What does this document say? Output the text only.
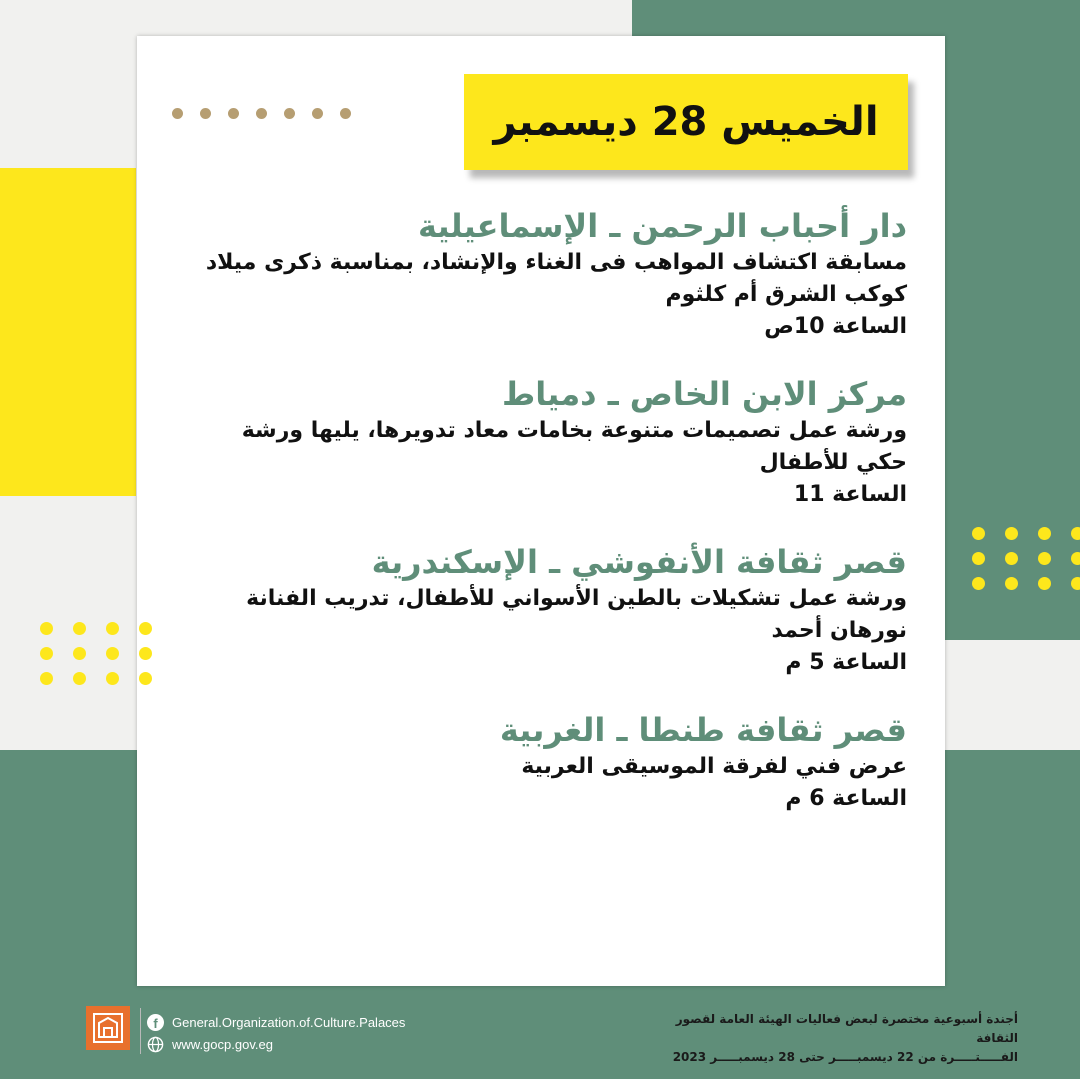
الخميس 28 ديسمبر
دار أحباب الرحمن ـ الإسماعيلية
مسابقة اكتشاف المواهب فى الغناء والإنشاد، بمناسبة ذكرى ميلاد
كوكب الشرق أم كلثوم
الساعة 10ص
مركز الابن الخاص ـ دمياط
ورشة عمل تصميمات متنوعة بخامات معاد تدويرها، يليها ورشة
حكي للأطفال
الساعة 11
قصر ثقافة الأنفوشي ـ الإسكندرية
ورشة عمل تشكيلات بالطين الأسواني للأطفال، تدريب الفنانة
نورهان أحمد
الساعة 5 م
قصر ثقافة طنطا ـ الغربية
عرض فني لفرقة الموسيقى العربية
الساعة 6 م
f	General.Organization.of.Culture.Palaces
www.gocp.gov.eg
أجندة أسبوعية مختصرة لبعض فعاليات الهيئة العامة لقصور الثقافة
الفـــــتـــــرة من 22 ديسمبـــــر حتى 28 ديسمبـــــر 2023
